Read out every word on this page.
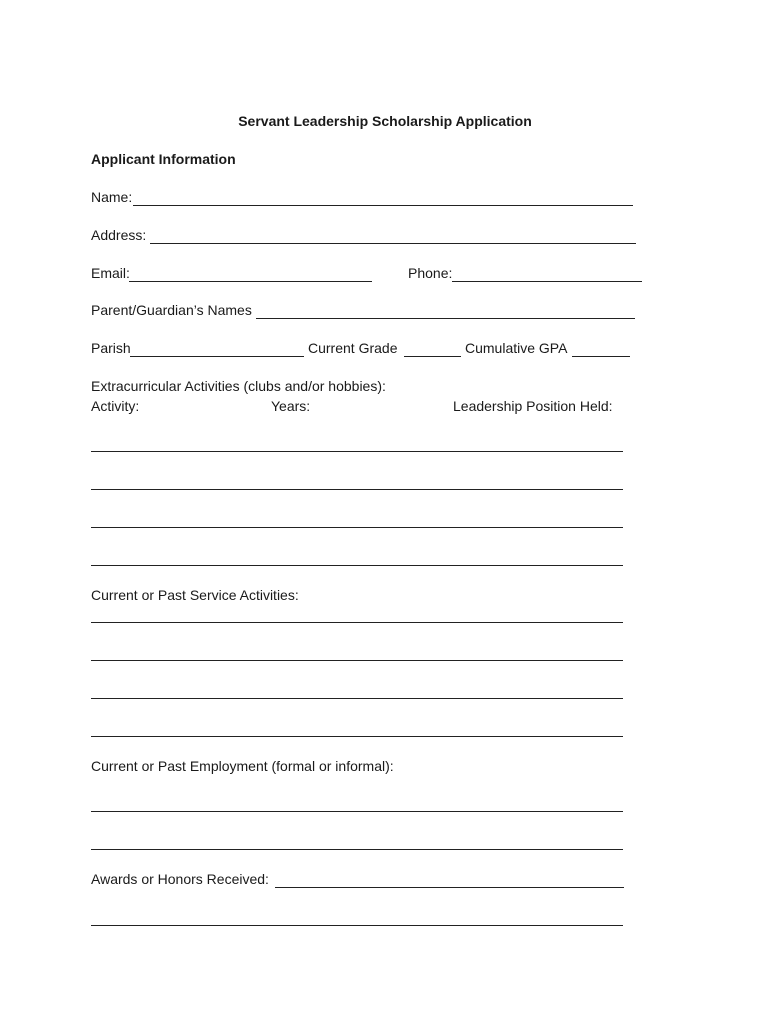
Servant Leadership Scholarship Application
Applicant Information
Name:
Address:
Email:	Phone:
Parent/Guardian’s Names
Parish	Current Grade	Cumulative GPA
Extracurricular Activities (clubs and/or hobbies):
Activity:	Years:	Leadership Position Held:
Current or Past Service Activities:
Current or Past Employment (formal or informal):
Awards or Honors Received:
